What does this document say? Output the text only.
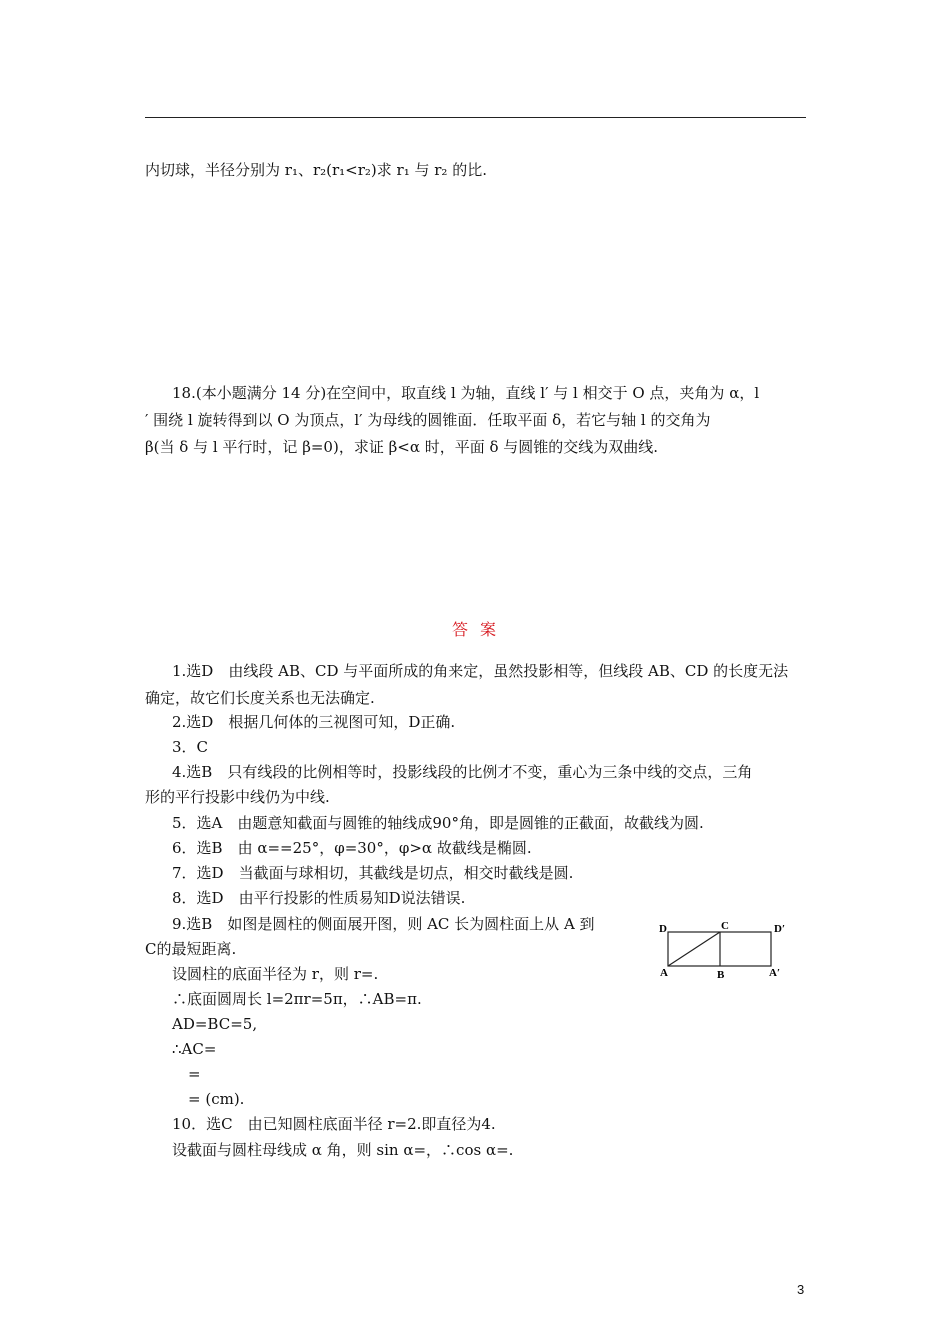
内切球，半径分别为 r₁、r₂(r₁<r₂)求 r₁ 与 r₂ 的比.
18.(本小题满分 14 分)在空间中，取直线 l 为轴，直线 l′ 与 l 相交于 O 点，夹角为 α，l
′ 围绕 l 旋转得到以 O 为顶点，l′ 为母线的圆锥面．任取平面 δ，若它与轴 l 的交角为
β(当 δ 与 l 平行时，记 β=0)，求证 β<α 时，平面 δ 与圆锥的交线为双曲线.
答案
1.选D　由线段 AB、CD 与平面所成的角来定，虽然投影相等，但线段 AB、CD 的长度无法
确定，故它们长度关系也无法确定.
2.选D　根据几何体的三视图可知，D正确.
3．C
4.选B　只有线段的比例相等时，投影线段的比例才不变，重心为三条中线的交点，三角
形的平行投影中线仍为中线.
5．选A　由题意知截面与圆锥的轴线成90°角，即是圆锥的正截面，故截线为圆.
6．选B　由 α==25°，φ=30°，φ>α 故截线是椭圆.
7．选D　当截面与球相切，其截线是切点，相交时截线是圆.
8．选D　由平行投影的性质易知D说法错误.
9.选B　如图是圆柱的侧面展开图，则 AC 长为圆柱面上从 A 到
C的最短距离.
设圆柱的底面半径为 r，则 r=.
∴底面圆周长 l=2πr=5π，∴AB=π.
AD=BC=5,
∴AC=
=
= (cm).
10．选C　由已知圆柱底面半径 r=2.即直径为4.
设截面与圆柱母线成 α 角，则 sin α=，∴cos α=.
D	C	D′
A	B	A′
3
